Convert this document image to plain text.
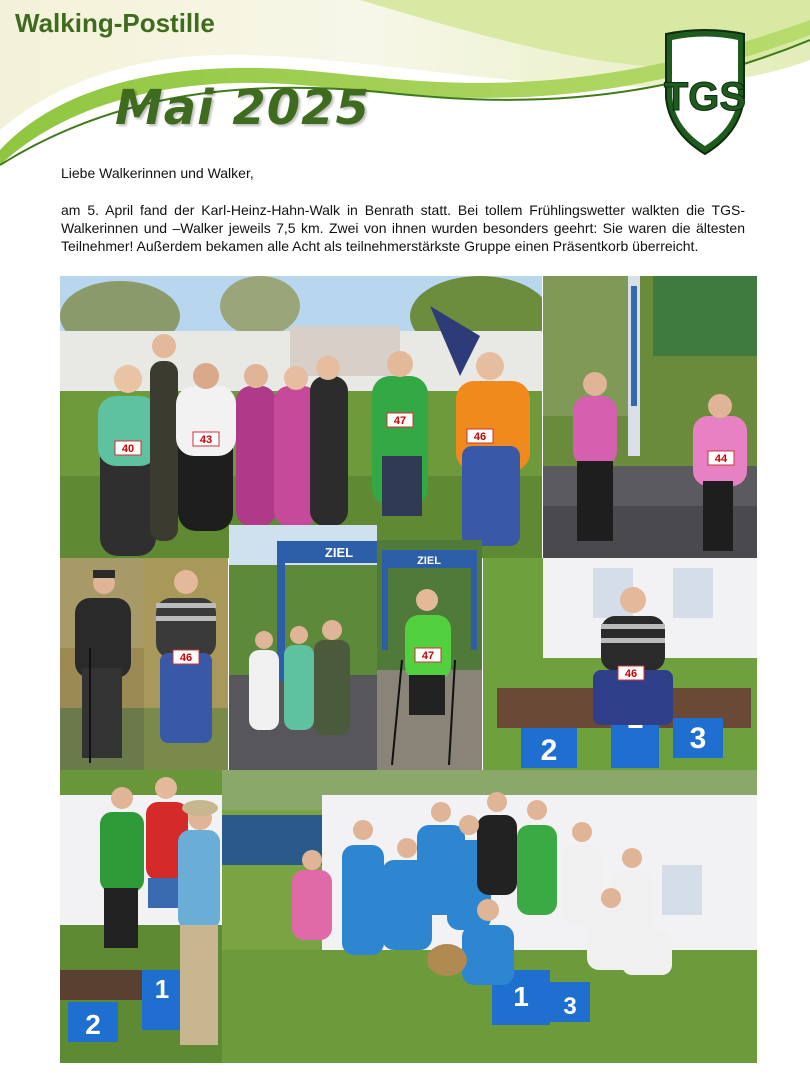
Walking-Postille
Mai 2025	TGS

Liebe Walkerinnen und Walker,

am 5. April fand der Karl-Heinz-Hahn-Walk in Benrath statt. Bei tollem Frühlingswetter walkten die TGS-Walkerinnen und –Walker jeweils 7,5 km. Zwei von ihnen wurden besonders geehrt: Sie waren die ältesten Teilnehmer! Außerdem bekamen alle Acht als teilnehmerstärkste Gruppe einen Präsentkorb überreicht.

40
43
47
46
44
46
ZIEL
ZIEL
47
2	3
46
2
1	1 3
